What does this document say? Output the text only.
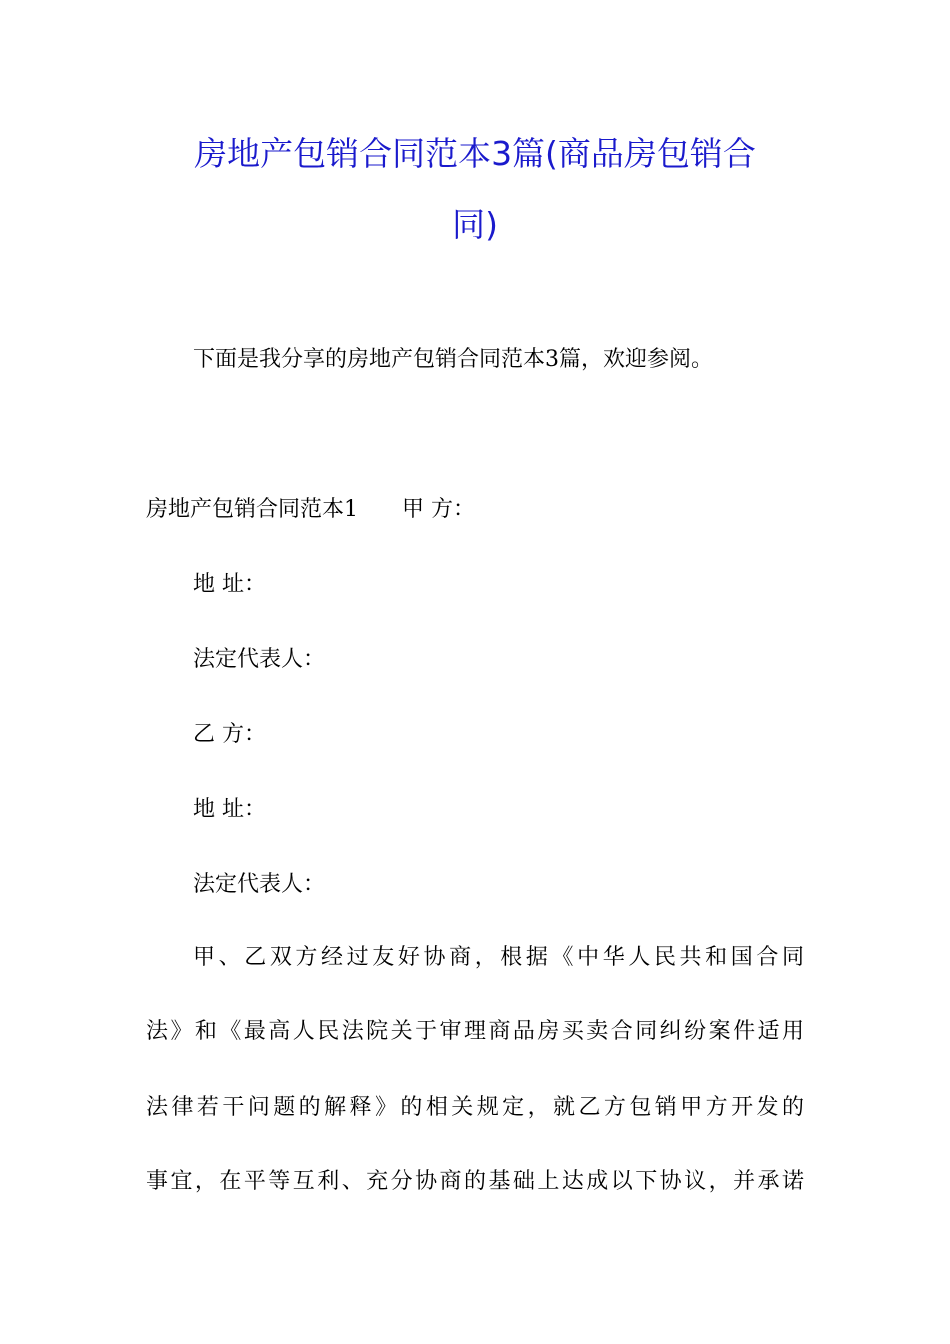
房地产包销合同范本3篇(商品房包销合
同)
下面是我分享的房地产包销合同范本3篇，欢迎参阅。
房地产包销合同范本1　　甲 方：
地 址：
法定代表人：
乙 方：
地 址：
法定代表人：
甲、乙双方经过友好协商，根据《中华人民共和国合同
法》和《最高人民法院关于审理商品房买卖合同纠纷案件适用
法律若干问题的解释》的相关规定，就乙方包销甲方开发的
事宜，在平等互利、充分协商的基础上达成以下协议，并承诺
